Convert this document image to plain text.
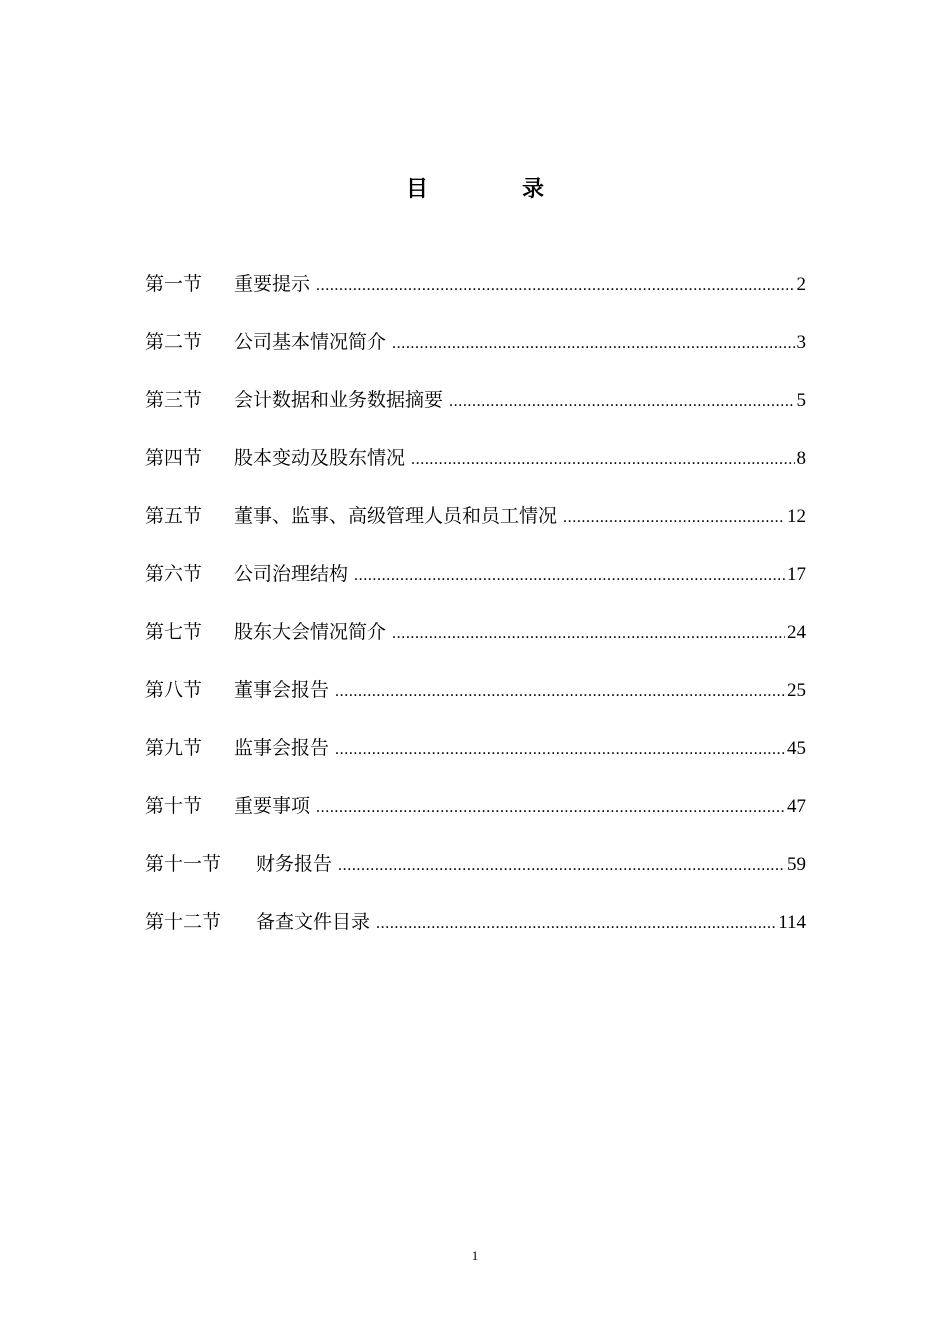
目　录
第一节	重要提示 .....	2
第二节	公司基本情况简介 .....	3
第三节	会计数据和业务数据摘要 .....	5
第四节	股本变动及股东情况 .....	8
第五节	董事、监事、高级管理人员和员工情况 .....	12
第六节	公司治理结构 .....	17
第七节	股东大会情况简介 .....	24
第八节	董事会报告 .....	25
第九节	监事会报告 .....	45
第十节	重要事项 .....	47
第十一节	财务报告 .....	59
第十二节	备查文件目录 .....	114
1
